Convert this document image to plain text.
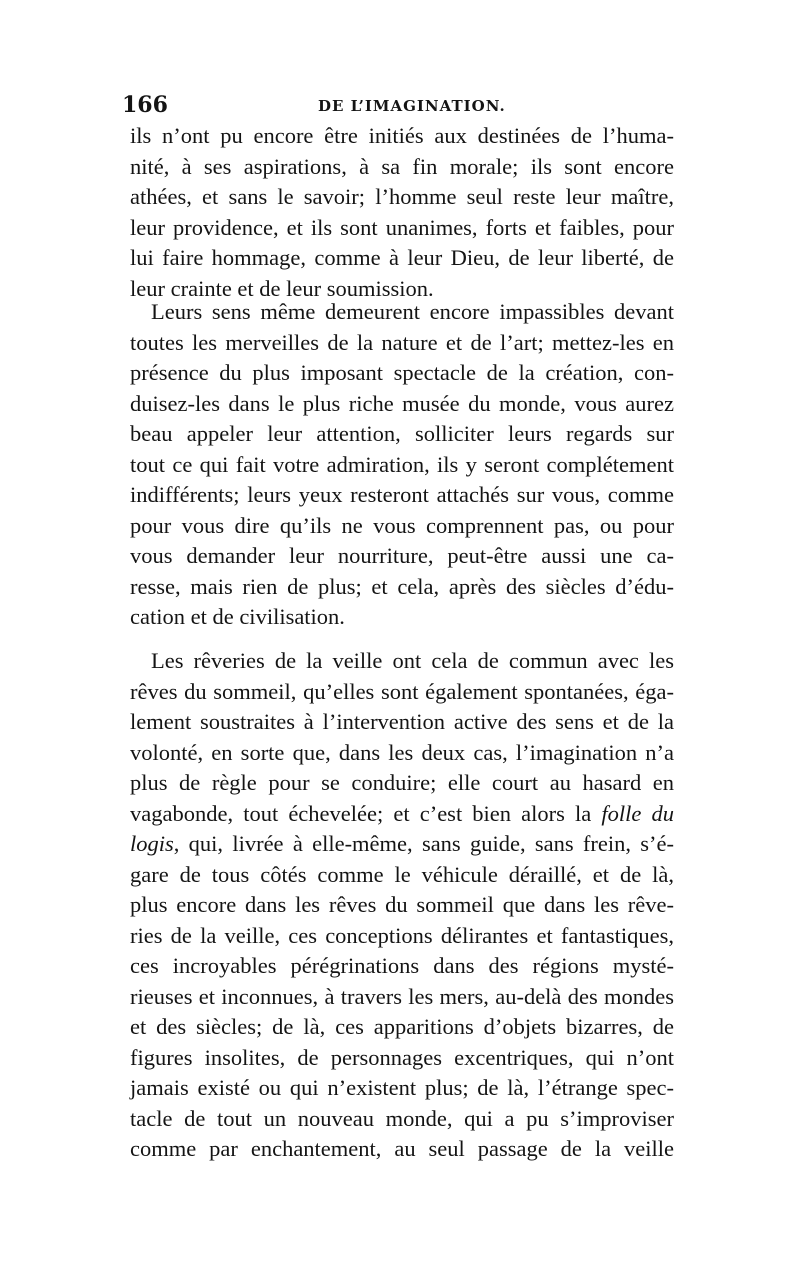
166	DE L’IMAGINATION.
ils n’ont pu encore être initiés aux destinées de l’huma-
nité, à ses aspirations, à sa fin morale; ils sont encore
athées, et sans le savoir; l’homme seul reste leur maître,
leur providence, et ils sont unanimes, forts et faibles, pour
lui faire hommage, comme à leur Dieu, de leur liberté, de
leur crainte et de leur soumission.
Leurs sens même demeurent encore impassibles devant
toutes les merveilles de la nature et de l’art; mettez-les en
présence du plus imposant spectacle de la création, con-
duisez-les dans le plus riche musée du monde, vous aurez
beau appeler leur attention, solliciter leurs regards sur
tout ce qui fait votre admiration, ils y seront complétement
indifférents; leurs yeux resteront attachés sur vous, comme
pour vous dire qu’ils ne vous comprennent pas, ou pour
vous demander leur nourriture, peut-être aussi une ca-
resse, mais rien de plus; et cela, après des siècles d’édu-
cation et de civilisation.
Les rêveries de la veille ont cela de commun avec les
rêves du sommeil, qu’elles sont également spontanées, éga-
lement soustraites à l’intervention active des sens et de la
volonté, en sorte que, dans les deux cas, l’imagination n’a
plus de règle pour se conduire; elle court au hasard en
vagabonde, tout échevelée; et c’est bien alors la folle du
logis, qui, livrée à elle-même, sans guide, sans frein, s’é-
gare de tous côtés comme le véhicule déraillé, et de là,
plus encore dans les rêves du sommeil que dans les rêve-
ries de la veille, ces conceptions délirantes et fantastiques,
ces incroyables pérégrinations dans des régions mysté-
rieuses et inconnues, à travers les mers, au-delà des mondes
et des siècles; de là, ces apparitions d’objets bizarres, de
figures insolites, de personnages excentriques, qui n’ont
jamais existé ou qui n’existent plus; de là, l’étrange spec-
tacle de tout un nouveau monde, qui a pu s’improviser
comme par enchantement, au seul passage de la veille
